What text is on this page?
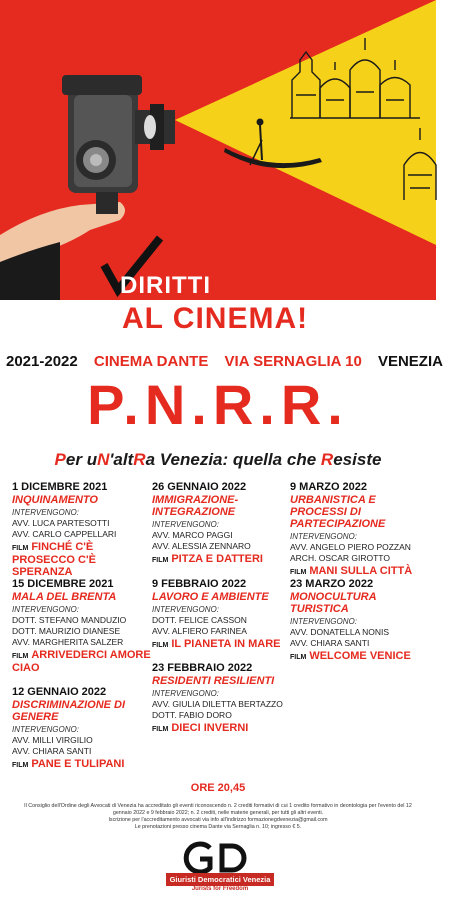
DIRITTI
AL CINEMA!
2021-2022 CINEMA DANTE VIA SERNAGLIA 10 VENEZIA
P.N.R.R.
Per uN'altRa Venezia: quella che Resiste
1 DICEMBRE 2021
INQUINAMENTO
INTERVENGONO:
AVV. LUCA PARTESOTTI
AVV. CARLO CAPPELLARI
FILM FINCHÉ C'È PROSECCO C'È SPERANZA
15 DICEMBRE 2021
MALA DEL BRENTA
INTERVENGONO:
DOTT. STEFANO MANDUZIO
DOTT. MAURIZIO DIANESE
AVV. MARGHERITA SALZER
FILM ARRIVEDERCI AMORE CIAO
12 GENNAIO 2022
DISCRIMINAZIONE DI GENERE
INTERVENGONO:
AVV. MILLI VIRGILIO
AVV. CHIARA SANTI
FILM PANE E TULIPANI
26 GENNAIO 2022
IMMIGRAZIONE-INTEGRAZIONE
INTERVENGONO:
AVV. MARCO PAGGI
AVV. ALESSIA ZENNARO
FILM PITZA E DATTERI
9 FEBBRAIO 2022
LAVORO E AMBIENTE
INTERVENGONO:
DOTT. FELICE CASSON
AVV. ALFIERO FARINEA
FILM IL PIANETA IN MARE
23 FEBBRAIO 2022
RESIDENTI RESILIENTI
INTERVENGONO:
AVV. GIULIA DILETTA BERTAZZO
DOTT. FABIO DORO
FILM DIECI INVERNI
9 MARZO 2022
URBANISTICA E PROCESSI DI PARTECIPAZIONE
INTERVENGONO:
AVV. ANGELO PIERO POZZAN
ARCH. OSCAR GIROTTO
FILM MANI SULLA CITTÀ
23 MARZO 2022
MONOCULTURA TURISTICA
INTERVENGONO:
AVV. DONATELLA NONIS
AVV. CHIARA SANTI
FILM WELCOME VENICE
ORE 20,45
Il Consiglio dell'Ordine degli Avvocati di Venezia ha accreditato gli eventi riconoscendo n. 2 crediti formativi di cui 1 credito formativo in deontologia per l'evento del 12 gennaio 2022 e 9 febbraio 2022; n. 2 crediti, nelle materie generali, per tutti gli altri eventi.
Iscrizione per l'accreditamento avvocati via info all'indirizzo formazionegdvenezia@gmail.com
Le prenotazioni presso cinema Dante via Sernaglia n. 10; ingresso € 5.
Giuristi Democratici Venezia
Jurists for Freedom
